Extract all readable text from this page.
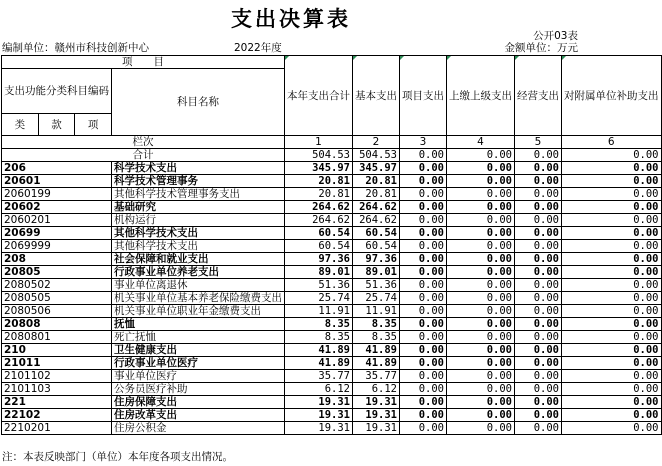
支出决算表
公开03表
编制单位：赣州市科技创新中心	2022年度	金额单位：万元
项　　目				本年支出合计	基本支出	项目支出	上缴上级支出	经营支出	对附属单位补助支出
支出功能分类科目编码			科目名称						
类	款	项							
栏次				1	2	3	4	5	6
合计				504.53	504.53	0.00	0.00	0.00	0.00
206			科学技术支出	345.97	345.97	0.00	0.00	0.00	0.00
20601			科学技术管理事务	20.81	20.81	0.00	0.00	0.00	0.00
2060199			其他科学技术管理事务支出	20.81	20.81	0.00	0.00	0.00	0.00
20602			基础研究	264.62	264.62	0.00	0.00	0.00	0.00
2060201			机构运行	264.62	264.62	0.00	0.00	0.00	0.00
20699			其他科学技术支出	60.54	60.54	0.00	0.00	0.00	0.00
2069999			其他科学技术支出	60.54	60.54	0.00	0.00	0.00	0.00
208			社会保障和就业支出	97.36	97.36	0.00	0.00	0.00	0.00
20805			行政事业单位养老支出	89.01	89.01	0.00	0.00	0.00	0.00
2080502			事业单位离退休	51.36	51.36	0.00	0.00	0.00	0.00
2080505			机关事业单位基本养老保险缴费支出	25.74	25.74	0.00	0.00	0.00	0.00
2080506			机关事业单位职业年金缴费支出	11.91	11.91	0.00	0.00	0.00	0.00
20808			抚恤	8.35	8.35	0.00	0.00	0.00	0.00
2080801			死亡抚恤	8.35	8.35	0.00	0.00	0.00	0.00
210			卫生健康支出	41.89	41.89	0.00	0.00	0.00	0.00
21011			行政事业单位医疗	41.89	41.89	0.00	0.00	0.00	0.00
2101102			事业单位医疗	35.77	35.77	0.00	0.00	0.00	0.00
2101103			公务员医疗补助	6.12	6.12	0.00	0.00	0.00	0.00
221			住房保障支出	19.31	19.31	0.00	0.00	0.00	0.00
22102			住房改革支出	19.31	19.31	0.00	0.00	0.00	0.00
2210201			住房公积金	19.31	19.31	0.00	0.00	0.00	0.00
注：本表反映部门（单位）本年度各项支出情况。
